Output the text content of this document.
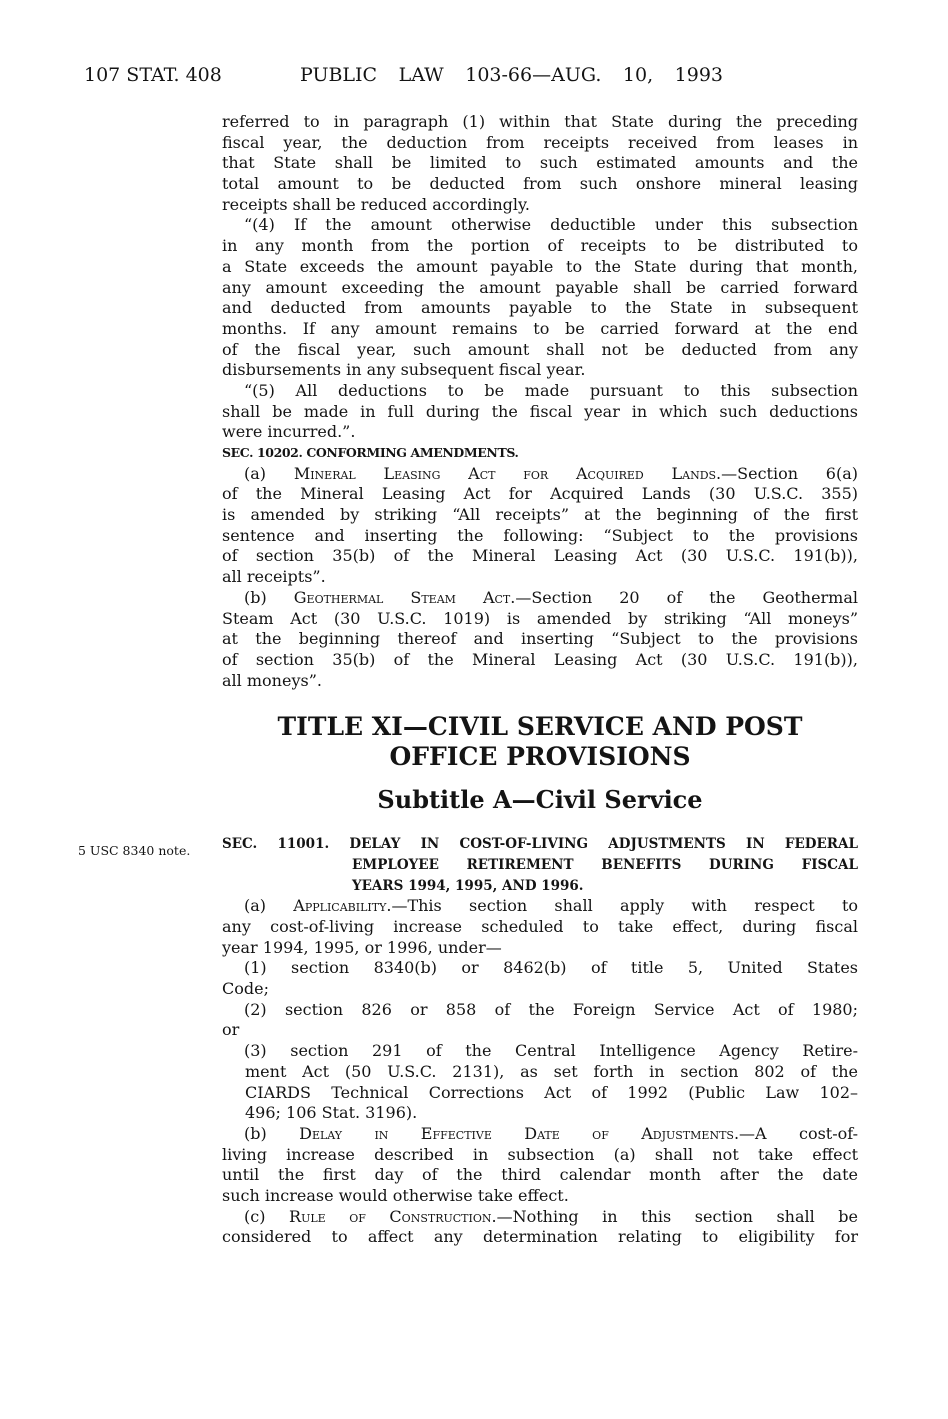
107 STAT. 408	PUBLIC LAW 103-66—AUG. 10, 1993
5 USC 8340 note.
referred to in paragraph (1) within that State during the preceding
fiscal year, the deduction from receipts received from leases in
that State shall be limited to such estimated amounts and the
total amount to be deducted from such onshore mineral leasing
receipts shall be reduced accordingly.
“(4) If the amount otherwise deductible under this subsection
in any month from the portion of receipts to be distributed to
a State exceeds the amount payable to the State during that month,
any amount exceeding the amount payable shall be carried forward
and deducted from amounts payable to the State in subsequent
months. If any amount remains to be carried forward at the end
of the fiscal year, such amount shall not be deducted from any
disbursements in any subsequent fiscal year.
“(5) All deductions to be made pursuant to this subsection
shall be made in full during the fiscal year in which such deductions
were incurred.”.
SEC. 10202. CONFORMING AMENDMENTS.
(a) Mineral Leasing Act for Acquired Lands.—Section 6(a)
of the Mineral Leasing Act for Acquired Lands (30 U.S.C. 355)
is amended by striking “All receipts” at the beginning of the first
sentence and inserting the following: “Subject to the provisions
of section 35(b) of the Mineral Leasing Act (30 U.S.C. 191(b)),
all receipts”.
(b) Geothermal Steam Act.—Section 20 of the Geothermal
Steam Act (30 U.S.C. 1019) is amended by striking “All moneys”
at the beginning thereof and inserting “Subject to the provisions
of section 35(b) of the Mineral Leasing Act (30 U.S.C. 191(b)),
all moneys”.
TITLE XI—CIVIL SERVICE AND POST
OFFICE PROVISIONS
Subtitle A—Civil Service
SEC. 11001. DELAY IN COST-OF-LIVING ADJUSTMENTS IN FEDERAL
EMPLOYEE RETIREMENT BENEFITS DURING FISCAL
YEARS 1994, 1995, AND 1996.
(a) Applicability.—This section shall apply with respect to
any cost-of-living increase scheduled to take effect, during fiscal
year 1994, 1995, or 1996, under—
(1) section 8340(b) or 8462(b) of title 5, United States
Code;
(2) section 826 or 858 of the Foreign Service Act of 1980;
or
(3) section 291 of the Central Intelligence Agency Retire-
ment Act (50 U.S.C. 2131), as set forth in section 802 of the
CIARDS Technical Corrections Act of 1992 (Public Law 102–
496; 106 Stat. 3196).
(b) Delay in Effective Date of Adjustments.—A cost-of-
living increase described in subsection (a) shall not take effect
until the first day of the third calendar month after the date
such increase would otherwise take effect.
(c) Rule of Construction.—Nothing in this section shall be
considered to affect any determination relating to eligibility for
